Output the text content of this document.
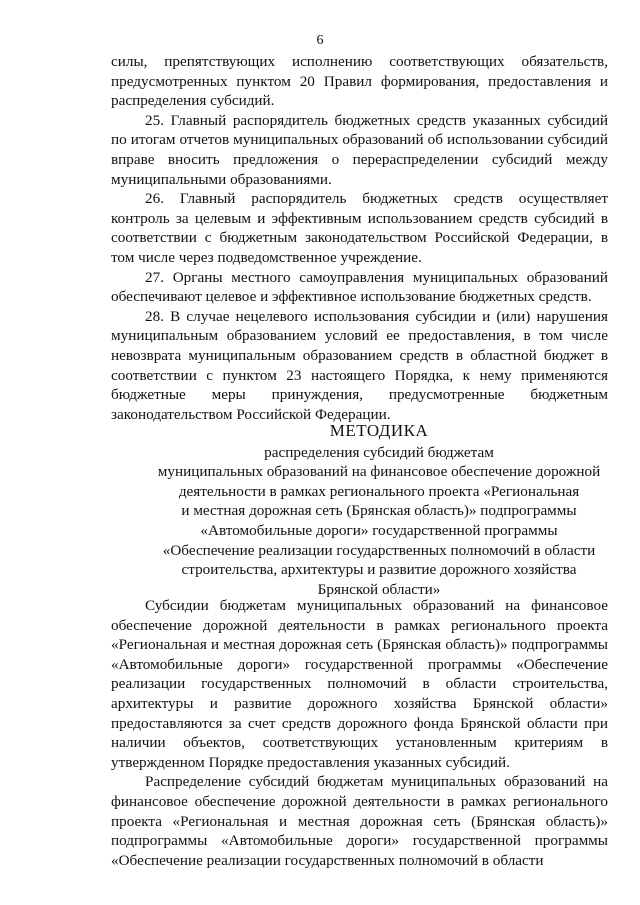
6

силы, препятствующих исполнению соответствующих обязательств, предусмотренных пунктом 20 Правил формирования, предоставления и распределения субсидий.

25. Главный распорядитель бюджетных средств указанных субсидий по итогам отчетов муниципальных образований об использовании субсидий вправе вносить предложения о перераспределении субсидий между муниципальными образованиями.

26. Главный распорядитель бюджетных средств осуществляет контроль за целевым и эффективным использованием средств субсидий в соответствии с бюджетным законодательством Российской Федерации, в том числе через подведомственное учреждение.

27. Органы местного самоуправления муниципальных образований обеспечивают целевое и эффективное использование бюджетных средств.

28. В случае нецелевого использования субсидии и (или) нарушения муниципальным образованием условий ее предоставления, в том числе невозврата муниципальным образованием средств в областной бюджет в соответствии с пунктом 23 настоящего Порядка, к нему применяются бюджетные меры принуждения, предусмотренные бюджетным законодательством Российской Федерации.

МЕТОДИКА
распределения субсидий бюджетам
муниципальных образований на финансовое обеспечение дорожной
деятельности в рамках регионального проекта «Региональная
и местная дорожная сеть (Брянская область)» подпрограммы
«Автомобильные дороги» государственной программы
«Обеспечение реализации государственных полномочий в области
строительства, архитектуры и развитие дорожного хозяйства
Брянской области»

Субсидии бюджетам муниципальных образований на финансовое обеспечение дорожной деятельности в рамках регионального проекта «Региональная и местная дорожная сеть (Брянская область)» подпрограммы «Автомобильные дороги» государственной программы «Обеспечение реализации государственных полномочий в области строительства, архитектуры и развитие дорожного хозяйства Брянской области» предоставляются за счет средств дорожного фонда Брянской области при наличии объектов, соответствующих установленным критериям в утвержденном Порядке предоставления указанных субсидий.

Распределение субсидий бюджетам муниципальных образований на финансовое обеспечение дорожной деятельности в рамках регионального проекта «Региональная и местная дорожная сеть (Брянская область)» подпрограммы «Автомобильные дороги» государственной программы «Обеспечение реализации государственных полномочий в области
